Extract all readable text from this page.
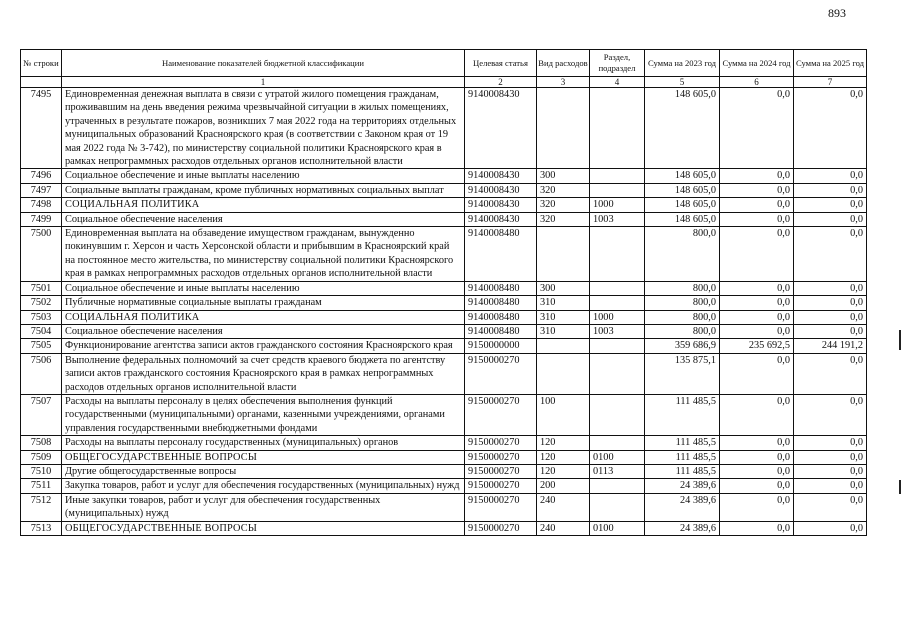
893
№ строки	Наименование показателей бюджетной классификации	Целевая статья	Вид расходов	Раздел, подраздел	Сумма на 2023 год	Сумма на 2024 год	Сумма на 2025 год
	1	2	3	4	5	6	7
7495	Единовременная денежная выплата в связи с утратой жилого помещения гражданам, проживавшим на день введения режима чрезвычайной ситуации в жилых помещениях, утраченных в результате пожаров, возникших 7 мая 2022 года на территориях отдельных муниципальных образований Красноярского края (в соответствии с Законом края от 19 мая 2022 года № 3-742), по министерству социальной политики Красноярского края в рамках непрограммных расходов отдельных органов исполнительной власти	9140008430			148 605,0	0,0	0,0
7496	Социальное обеспечение и иные выплаты населению	9140008430	300		148 605,0	0,0	0,0
7497	Социальные выплаты гражданам, кроме публичных нормативных социальных выплат	9140008430	320		148 605,0	0,0	0,0
7498	СОЦИАЛЬНАЯ ПОЛИТИКА	9140008430	320	1000	148 605,0	0,0	0,0
7499	Социальное обеспечение населения	9140008430	320	1003	148 605,0	0,0	0,0
7500	Единовременная выплата на обзаведение имуществом гражданам, вынужденно покинувшим г. Херсон и часть Херсонской области и прибывшим в Красноярский край на постоянное место жительства, по министерству социальной политики Красноярского края в рамках непрограммных расходов отдельных органов исполнительной власти	9140008480			800,0	0,0	0,0
7501	Социальное обеспечение и иные выплаты населению	9140008480	300		800,0	0,0	0,0
7502	Публичные нормативные социальные выплаты гражданам	9140008480	310		800,0	0,0	0,0
7503	СОЦИАЛЬНАЯ ПОЛИТИКА	9140008480	310	1000	800,0	0,0	0,0
7504	Социальное обеспечение населения	9140008480	310	1003	800,0	0,0	0,0
7505	Функционирование агентства записи актов гражданского состояния Красноярского края	9150000000			359 686,9	235 692,5	244 191,2
7506	Выполнение федеральных полномочий за счет средств краевого бюджета по агентству записи актов гражданского состояния Красноярского края в рамках непрограммных расходов отдельных органов исполнительной власти	9150000270			135 875,1	0,0	0,0
7507	Расходы на выплаты персоналу в целях обеспечения выполнения функций государственными (муниципальными) органами, казенными учреждениями, органами управления государственными внебюджетными фондами	9150000270	100		111 485,5	0,0	0,0
7508	Расходы на выплаты персоналу государственных (муниципальных) органов	9150000270	120		111 485,5	0,0	0,0
7509	ОБЩЕГОСУДАРСТВЕННЫЕ ВОПРОСЫ	9150000270	120	0100	111 485,5	0,0	0,0
7510	Другие общегосударственные вопросы	9150000270	120	0113	111 485,5	0,0	0,0
7511	Закупка товаров, работ и услуг для обеспечения государственных (муниципальных) нужд	9150000270	200		24 389,6	0,0	0,0
7512	Иные закупки товаров, работ и услуг для обеспечения государственных (муниципальных) нужд	9150000270	240		24 389,6	0,0	0,0
7513	ОБЩЕГОСУДАРСТВЕННЫЕ ВОПРОСЫ	9150000270	240	0100	24 389,6	0,0	0,0
